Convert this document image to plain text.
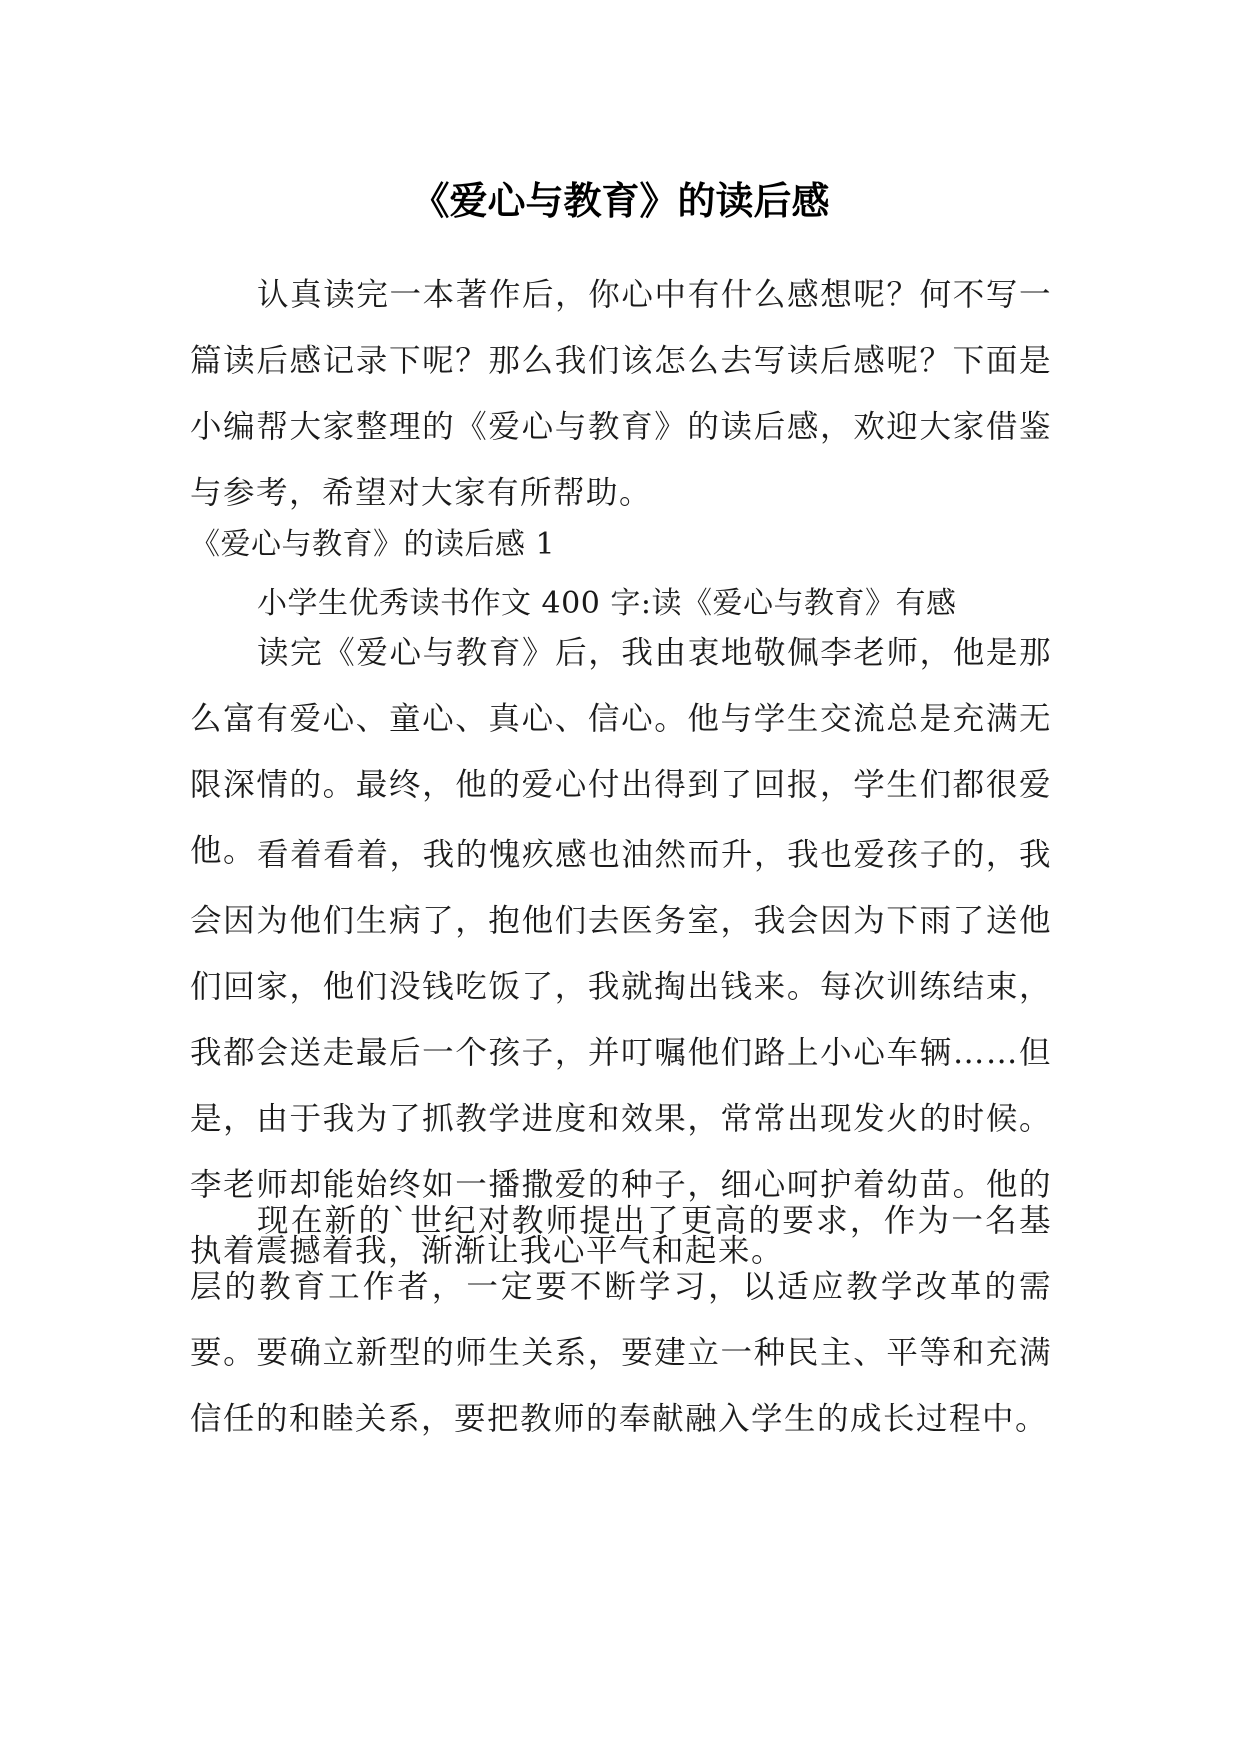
《爱心与教育》的读后感

认真读完一本著作后，你心中有什么感想呢？何不写一篇读后感记录下呢？那么我们该怎么去写读后感呢？下面是小编帮大家整理的《爱心与教育》的读后感，欢迎大家借鉴与参考，希望对大家有所帮助。

《爱心与教育》的读后感 1

小学生优秀读书作文 400 字:读《爱心与教育》有感

读完《爱心与教育》后，我由衷地敬佩李老师，他是那么富有爱心、童心、真心、信心。他与学生交流总是充满无限深情的。最终，他的爱心付出得到了回报，学生们都很爱他。 看着看着，我的愧疚感也油然而升，我也爱孩子的，我会因为他们生病了，抱他们去医务室，我会因为下雨了送他们回家，他们没钱吃饭了，我就掏出钱来。每次训练结束，我都会送走最后一个孩子，并叮嘱他们路上小心车辆……但是，由于我为了抓教学进度和效果，常常出现发火的时候。李老师却能始终如一播撒爱的种子，细心呵护着幼苗。他的执着震撼着我，渐渐让我心平气和起来。

现在新的`世纪对教师提出了更高的要求，作为一名基层的教育工作者，一定要不断学习，以适应教学改革的需要。要确立新型的师生关系，要建立一种民主、平等和充满信任的和睦关系，要把教师的奉献融入学生的成长过程中。
